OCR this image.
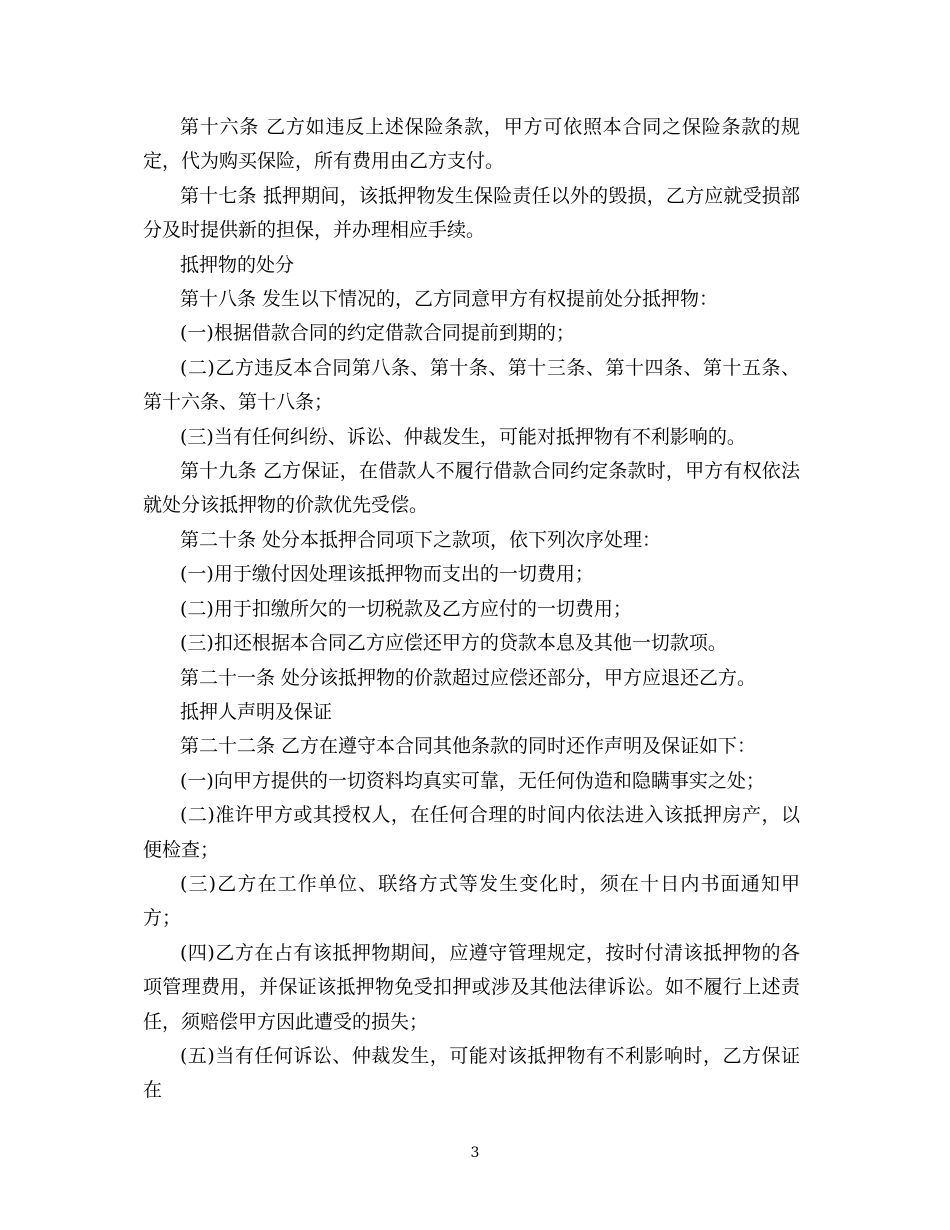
第十六条 乙方如违反上述保险条款，甲方可依照本合同之保险条款的规定，代为购买保险，所有费用由乙方支付。

第十七条 抵押期间，该抵押物发生保险责任以外的毁损，乙方应就受损部分及时提供新的担保，并办理相应手续。

抵押物的处分

第十八条 发生以下情况的，乙方同意甲方有权提前处分抵押物：

(一)根据借款合同的约定借款合同提前到期的；

(二)乙方违反本合同第八条、第十条、第十三条、第十四条、第十五条、第十六条、第十八条；

(三)当有任何纠纷、诉讼、仲裁发生，可能对抵押物有不利影响的。

第十九条 乙方保证，在借款人不履行借款合同约定条款时，甲方有权依法就处分该抵押物的价款优先受偿。

第二十条 处分本抵押合同项下之款项，依下列次序处理：

(一)用于缴付因处理该抵押物而支出的一切费用；

(二)用于扣缴所欠的一切税款及乙方应付的一切费用；

(三)扣还根据本合同乙方应偿还甲方的贷款本息及其他一切款项。

第二十一条 处分该抵押物的价款超过应偿还部分，甲方应退还乙方。

抵押人声明及保证

第二十二条 乙方在遵守本合同其他条款的同时还作声明及保证如下：

(一)向甲方提供的一切资料均真实可靠，无任何伪造和隐瞒事实之处；

(二)准许甲方或其授权人，在任何合理的时间内依法进入该抵押房产，以便检查；

(三)乙方在工作单位、联络方式等发生变化时，须在十日内书面通知甲方；

(四)乙方在占有该抵押物期间，应遵守管理规定，按时付清该抵押物的各项管理费用，并保证该抵押物免受扣押或涉及其他法律诉讼。如不履行上述责任，须赔偿甲方因此遭受的损失；

(五)当有任何诉讼、仲裁发生，可能对该抵押物有不利影响时，乙方保证在

3
